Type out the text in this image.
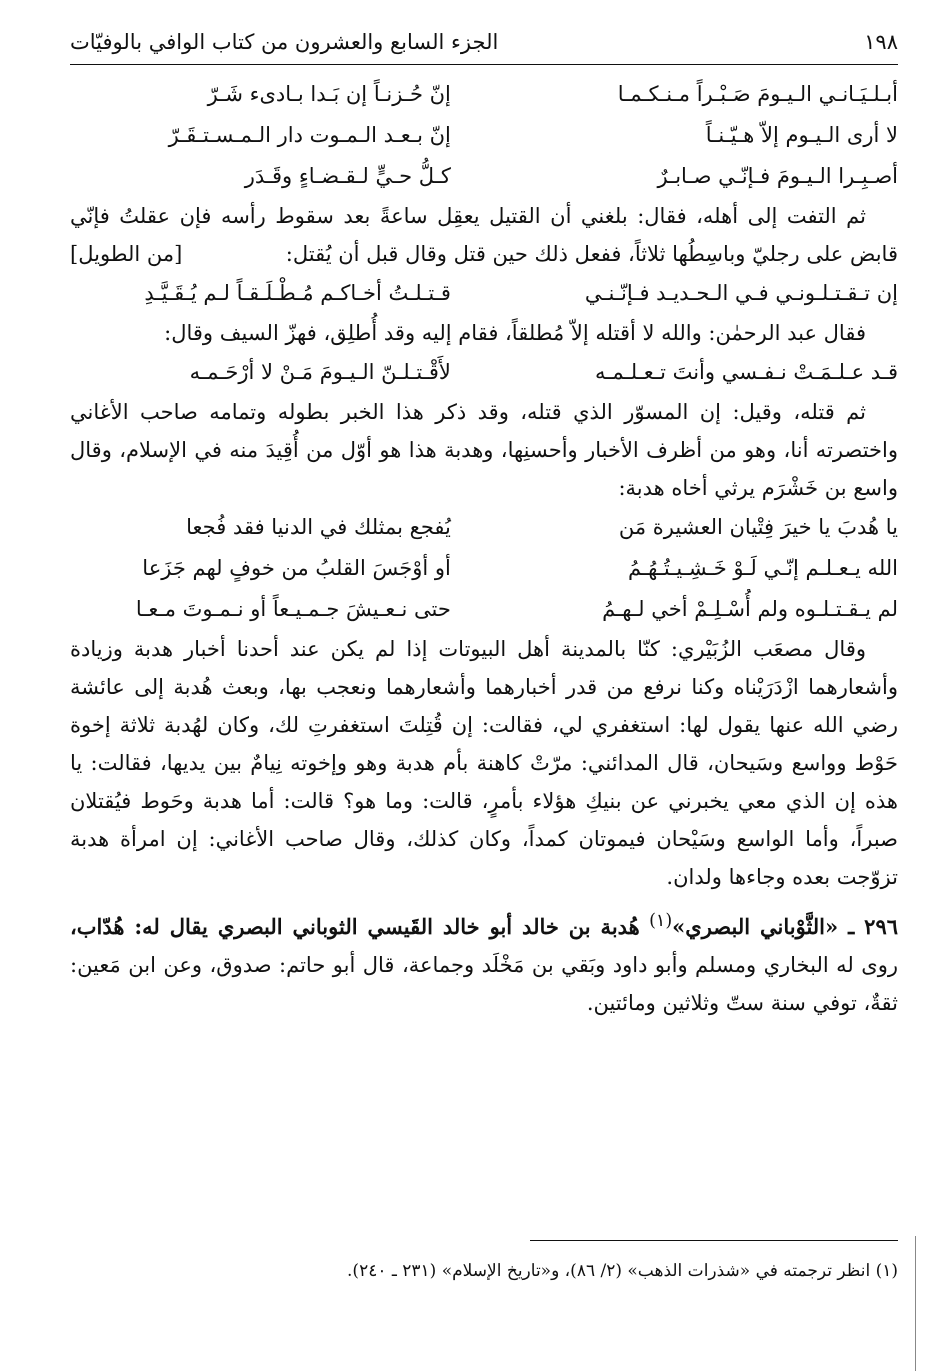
١٩٨
الجزء السابع والعشرون من كتاب الوافي بالوفيّات
أبـلـيَـانـي الـيـومَ صَـبْـراً مـنـكـمـا
إنّ حُـزنـاً إن بَـدا بـادىء شَـرّ
لا أرى الـيـوم إلاّ هـيّـنـاً
إنّ بـعـد الـمـوت دار الـمـسـتـقَـرّ
أصـبِـرا الـيـومَ فـإنّـي صـابـرٌ
كـلُّ حـيٍّ لـقـضـاءٍ وقَـدَر

ثم التفت إلى أهله، فقال: بلغني أن القتيل يعقِل ساعةً بعد سقوط رأسه فإن عقلتُ فإنّي قابض على رجليّ وباسِطُها ثلاثاً، ففعل ذلك حين قتل وقال قبل أن يُقتل:
[من الطويل]

إن تـقـتـلـونـي فـي الـحـديـد فـإنّـنـي
قـتـلـتُ أخـاكـم مُـطْـلَـقـاً لـم يُـقَـيَّـدِ

فقال عبد الرحمٰن: والله لا أقتله إلاّ مُطلقاً، فقام إليه وقد أُطلِق، فهزّ السيف وقال:

قـد عـلـمَـتْ نـفـسي وأنتَ تـعـلـمـه
لأَقْـتـلـنّ الـيـومَ مَـنْ لا أرْحَـمـه

ثم قتله، وقيل: إن المسوّر الذي قتله، وقد ذكر هذا الخبر بطوله وتمامه صاحب الأغاني واختصرته أنا، وهو من أظرف الأخبار وأحسنِها، وهدبة هذا هو أوّل من أُقِيدَ منه في الإسلام، وقال واسع بن خَشْرَم يرثي أخاه هدبة:

يا هُدبَ يا خيرَ فِتْيان العشيرة مَن
يُفجع بمثلك في الدنيا فقد فُجعا
الله يـعـلـم إنّـي لَـوْ خَـشِـيـتُـهُـمُ
أو أوْجَسَ القلبُ من خوفٍ لهم جَزَعا
لم يـقـتـلـوه ولم أُسْـلِـمْ أخي لـهـمُ
حتى نـعـيشَ جـمـيـعاً أو نـمـوتَ مـعـا

وقال مصعَب الزُبَيْري: كنّا بالمدينة أهل البيوتات إذا لم يكن عند أحدنا أخبار هدبة وزيادة وأشعارهما ازْدَرَيْناه وكنا نرفع من قدر أخبارهما وأشعارهما ونعجب بها، وبعث هُدبة إلى عائشة رضي الله عنها يقول لها: استغفري لي، فقالت: إن قُتِلتَ استغفرتِ لك، وكان لهُدبة ثلاثة إخوة حَوْط وواسع وسَيحان، قال المدائني: مرّتْ كاهنة بأم هدبة وهو وإخوته نِيامٌ بين يديها، فقالت: يا هذه إن الذي معي يخبرني عن بنيكِ هؤلاء بأمرٍ، قالت: وما هو؟ قالت: أما هدبة وحَوط فيُقتلان صبراً، وأما الواسع وسَيْحان فيموتان كمداً، وكان كذلك، وقال صاحب الأغاني: إن امرأة هدبة تزوّجت بعده وجاءها ولدان.

٢٩٦ ـ «الثَّوْباني البصري»$^{(١)}$ هُدبة بن خالد أبو خالد القَيسي الثوباني البصري يقال له: هُدّاب، روى له البخاري ومسلم وأبو داود وبَقي بن مَخْلَد وجماعة، قال أبو حاتم: صدوق، وعن ابن مَعين: ثقةٌ، توفي سنة ستّ وثلاثين ومائتين.

(١) انظر ترجمته في «شذرات الذهب» (٢/ ٨٦)، و«تاريخ الإسلام» (٢٣١ ـ ٢٤٠).
